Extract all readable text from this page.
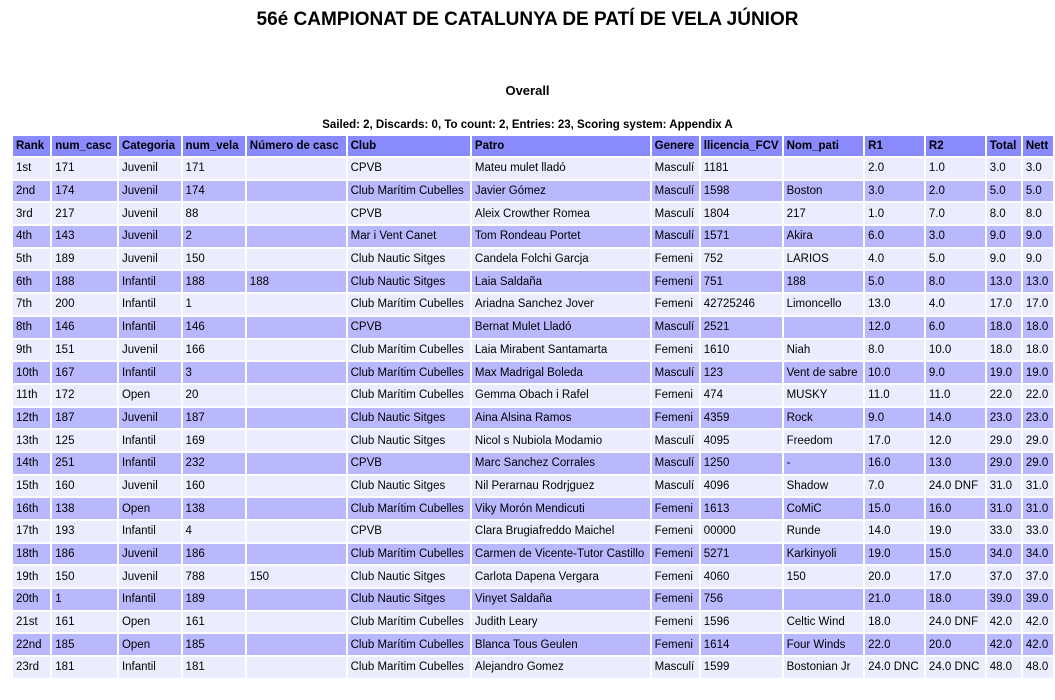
56é CAMPIONAT DE CATALUNYA DE PATÍ DE VELA JÚNIOR
Overall
Sailed: 2, Discards: 0, To count: 2, Entries: 23, Scoring system: Appendix A
Rank	num_casc	Categoria	num_vela	Número de casc	Club	Patro	Genere	llicencia_FCV	Nom_pati	R1	R2	Total	Nett
1st	171	Juvenil	171		CPVB	Mateu mulet lladó	Masculí	1181		2.0	1.0	3.0	3.0
2nd	174	Juvenil	174		Club Marítim Cubelles	Javier Gómez	Masculí	1598	Boston	3.0	2.0	5.0	5.0
3rd	217	Juvenil	88		CPVB	Aleix Crowther Romea	Masculí	1804	217	1.0	7.0	8.0	8.0
4th	143	Juvenil	2		Mar i Vent Canet	Tom Rondeau Portet	Masculí	1571	Akira	6.0	3.0	9.0	9.0
5th	189	Juvenil	150		Club Nautic Sitges	Candela Folchi Garcja	Femeni	752	LARIOS	4.0	5.0	9.0	9.0
6th	188	Infantil	188	188	Club Nautic Sitges	Laia Saldaña	Femeni	751	188	5.0	8.0	13.0	13.0
7th	200	Infantil	1		Club Marítim Cubelles	Ariadna Sanchez Jover	Femeni	42725246	Limoncello	13.0	4.0	17.0	17.0
8th	146	Infantil	146		CPVB	Bernat Mulet Lladó	Masculí	2521		12.0	6.0	18.0	18.0
9th	151	Juvenil	166		Club Marítim Cubelles	Laia Mirabent Santamarta	Femeni	1610	Niah	8.0	10.0	18.0	18.0
10th	167	Infantil	3		Club Marítim Cubelles	Max Madrigal Boleda	Masculí	123	Vent de sabre	10.0	9.0	19.0	19.0
11th	172	Open	20		Club Marítim Cubelles	Gemma Obach i Rafel	Femeni	474	MUSKY	11.0	11.0	22.0	22.0
12th	187	Juvenil	187		Club Nautic Sitges	Aina Alsina Ramos	Femeni	4359	Rock	9.0	14.0	23.0	23.0
13th	125	Infantil	169		Club Nautic Sitges	Nicol s Nubiola Modamio	Masculí	4095	Freedom	17.0	12.0	29.0	29.0
14th	251	Infantil	232		CPVB	Marc Sanchez Corrales	Masculí	1250	-	16.0	13.0	29.0	29.0
15th	160	Juvenil	160		Club Nautic Sitges	Nil Perarnau Rodrjguez	Masculí	4096	Shadow	7.0	24.0 DNF	31.0	31.0
16th	138	Open	138		Club Marítim Cubelles	Viky Morón Mendicuti	Femeni	1613	CoMiC	15.0	16.0	31.0	31.0
17th	193	Infantil	4		CPVB	Clara Brugiafreddo Maichel	Femeni	00000	Runde	14.0	19.0	33.0	33.0
18th	186	Juvenil	186		Club Marítim Cubelles	Carmen de Vicente-Tutor Castillo	Femeni	5271	Karkinyoli	19.0	15.0	34.0	34.0
19th	150	Juvenil	788	150	Club Nautic Sitges	Carlota Dapena Vergara	Femeni	4060	150	20.0	17.0	37.0	37.0
20th	1	Infantil	189		Club Nautic Sitges	Vinyet Saldaña	Femeni	756		21.0	18.0	39.0	39.0
21st	161	Open	161		Club Marítim Cubelles	Judith Leary	Femeni	1596	Celtic Wind	18.0	24.0 DNF	42.0	42.0
22nd	185	Open	185		Club Marítim Cubelles	Blanca Tous Geulen	Femeni	1614	Four Winds	22.0	20.0	42.0	42.0
23rd	181	Infantil	181		Club Marítim Cubelles	Alejandro Gomez	Masculí	1599	Bostonian Jr	24.0 DNC	24.0 DNC	48.0	48.0
